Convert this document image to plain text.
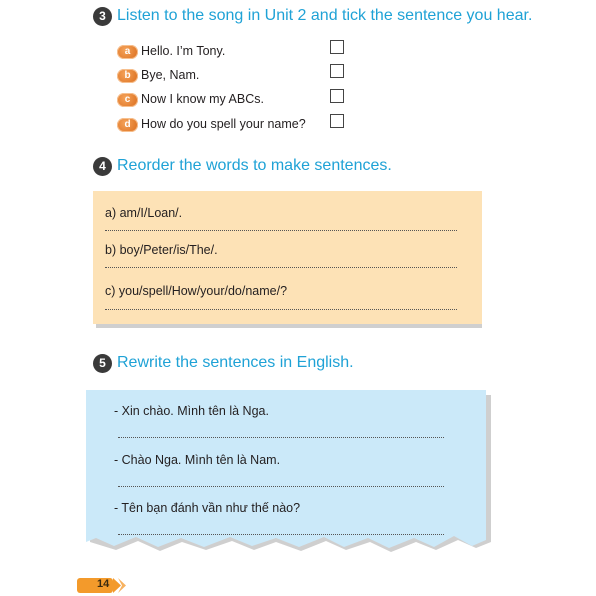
3 Listen to the song in Unit 2 and tick the sentence you hear.
a Hello. I’m Tony.
b Bye, Nam.
c Now I know my ABCs.
d How do you spell your name?
4 Reorder the words to make sentences.
a) am/I/Loan/.
b) boy/Peter/is/The/.
c) you/spell/How/your/do/name/?
5 Rewrite the sentences in English.
- Xin chào. Mình tên là Nga.
- Chào Nga. Mình tên là Nam.
- Tên bạn đánh vần như thế nào?
14
